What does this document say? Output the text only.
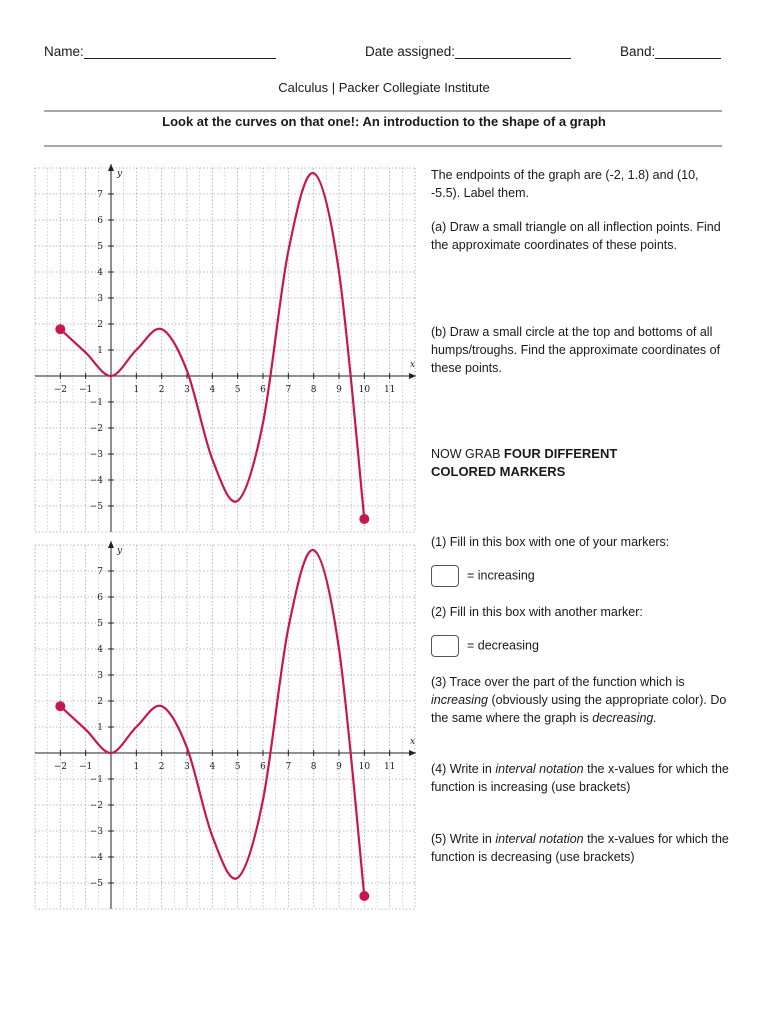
Name:	Date assigned:	Band:
Calculus | Packer Collegiate Institute
Look at the curves on that one!: An introduction to the shape of a graph
x
y
−2 −1	1 2 3 4 5 6 7 8 9 10 11
7
6
5
4
3
2
1
−1
−2
−3
−4
−5
x
y
−2 −1	1 2 3 4 5 6 7 8 9 10 11
7
6
5
4
3
2
1
−1
−2
−3
−4
−5

The endpoints of the graph are (-2, 1.8) and (10, -5.5). Label them.

(a) Draw a small triangle on all inflection points. Find the approximate coordinates of these points.

(b) Draw a small circle at the top and bottoms of all humps/troughs. Find the approximate coordinates of these points.

NOW GRAB FOUR DIFFERENT
COLORED MARKERS

(1) Fill in this box with one of your markers:

= increasing

(2) Fill in this box with another marker:

= decreasing

(3) Trace over the part of the function which is increasing (obviously using the appropriate color). Do the same where the graph is decreasing.

(4) Write in interval notation the x-values for which the function is increasing (use brackets)

(5) Write in interval notation the x-values for which the function is decreasing (use brackets)
